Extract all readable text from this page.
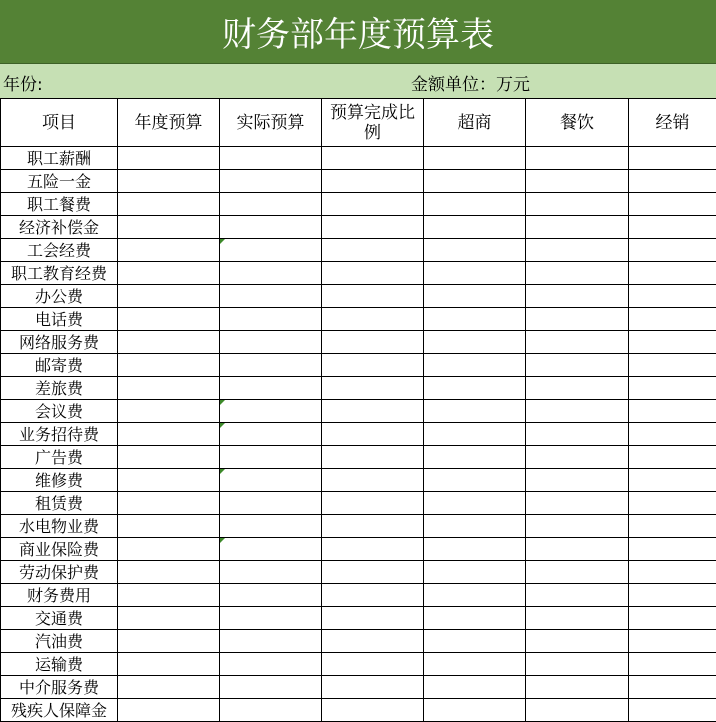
财务部年度预算表
年份:	金额单位：万元
项目	年度预算	实际预算	预算完成比例	超商	餐饮	经销
职工薪酬						
五险一金						
职工餐费						
经济补偿金						
工会经费		

职工教育经费						
办公费						
电话费						
网络服务费						
邮寄费						
差旅费						
会议费		

业务招待费		

广告费						
维修费		

租赁费						
水电物业费						
商业保险费		

劳动保护费						
财务费用						
交通费						
汽油费						
运输费						
中介服务费						
残疾人保障金						
